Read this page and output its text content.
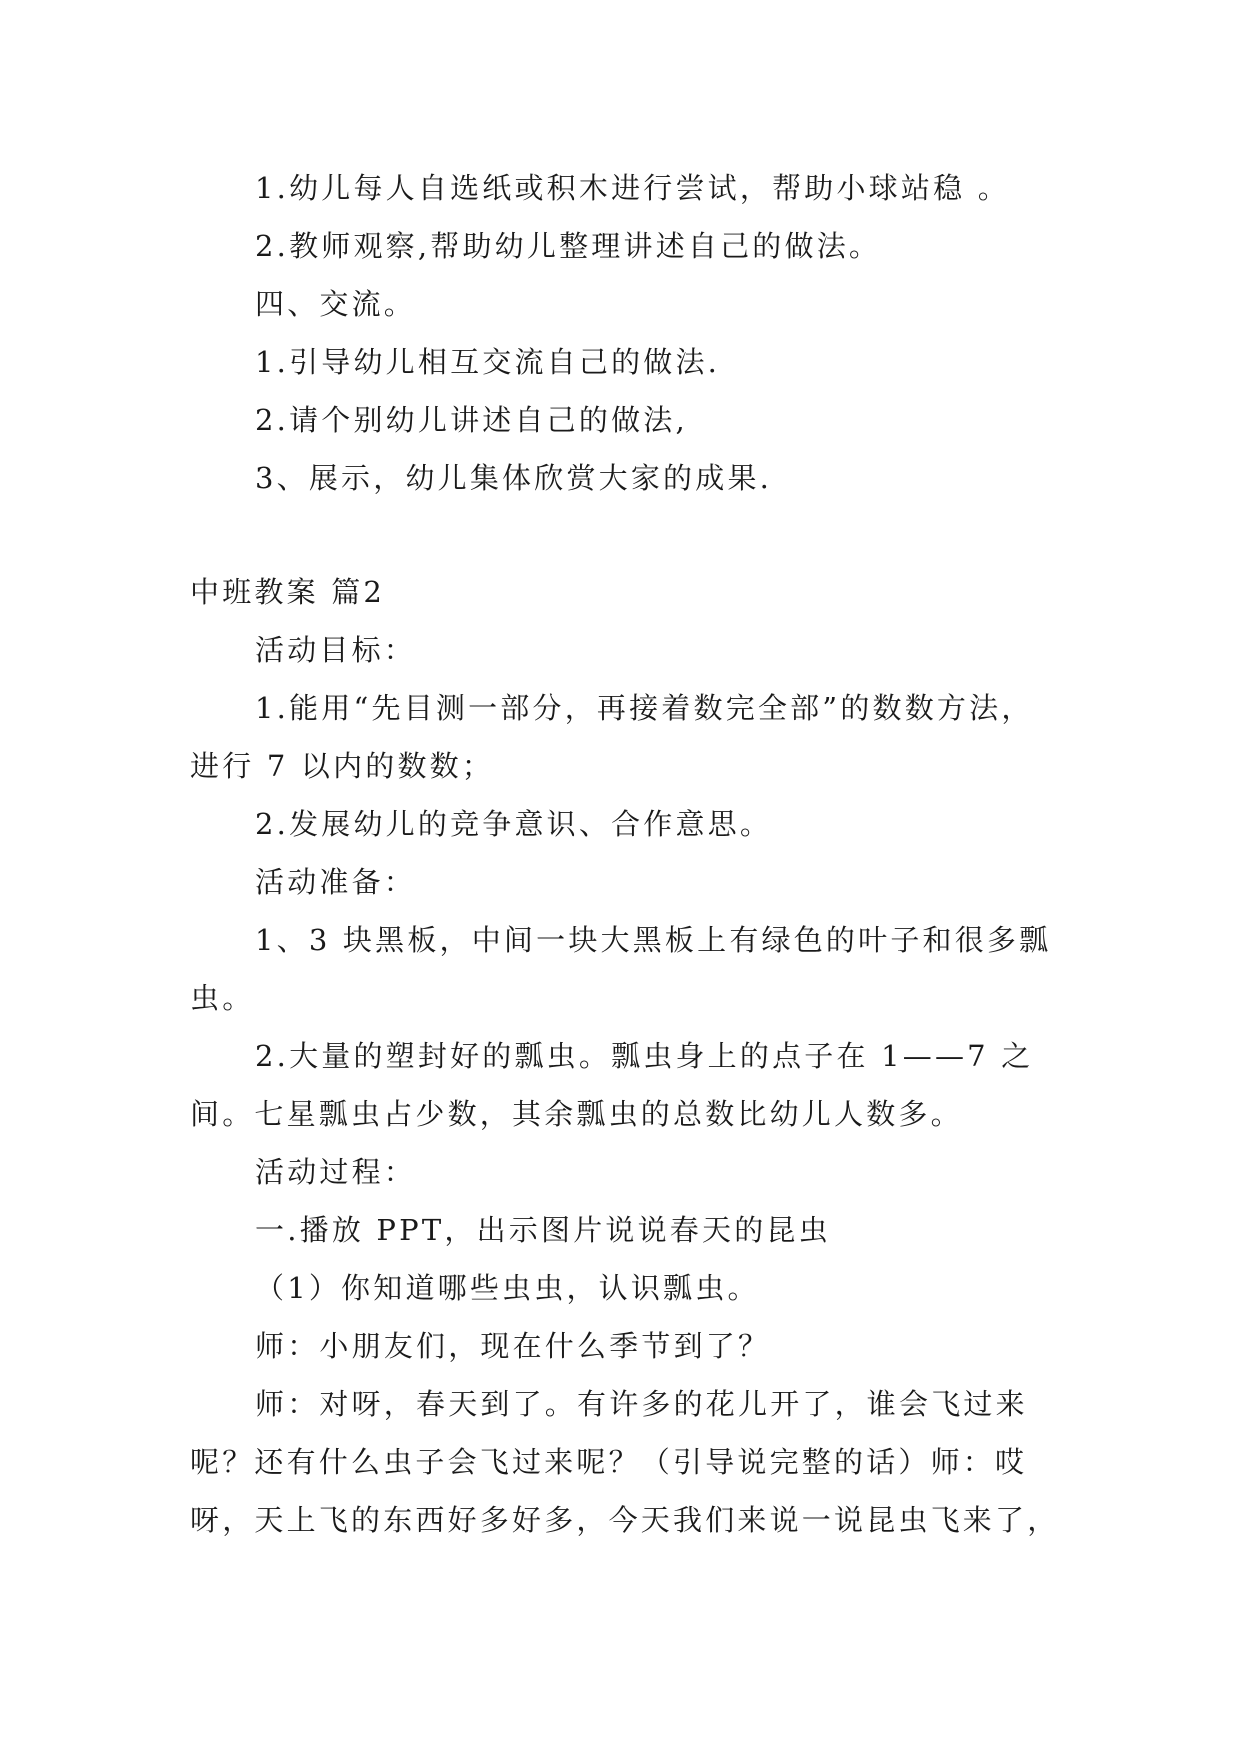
1.幼儿每人自选纸或积木进行尝试，帮助小球站稳 。
2.教师观察,帮助幼儿整理讲述自己的做法。
四、交流。
1.引导幼儿相互交流自己的做法.
2.请个别幼儿讲述自己的做法,
3、展示，幼儿集体欣赏大家的成果.
中班教案 篇2
活动目标：
1.能用“先目测一部分，再接着数完全部”的数数方法，
进行 7 以内的数数；
2.发展幼儿的竞争意识、合作意思。
活动准备：
1、3 块黑板，中间一块大黑板上有绿色的叶子和很多瓢
虫。
2.大量的塑封好的瓢虫。瓢虫身上的点子在 1——7 之
间。七星瓢虫占少数，其余瓢虫的总数比幼儿人数多。
活动过程：
一.播放 PPT，出示图片说说春天的昆虫
（1）你知道哪些虫虫，认识瓢虫。
师：小朋友们，现在什么季节到了？
师：对呀，春天到了。有许多的花儿开了，谁会飞过来
呢？还有什么虫子会飞过来呢？（引导说完整的话）师：哎
呀，天上飞的东西好多好多，今天我们来说一说昆虫飞来了，
